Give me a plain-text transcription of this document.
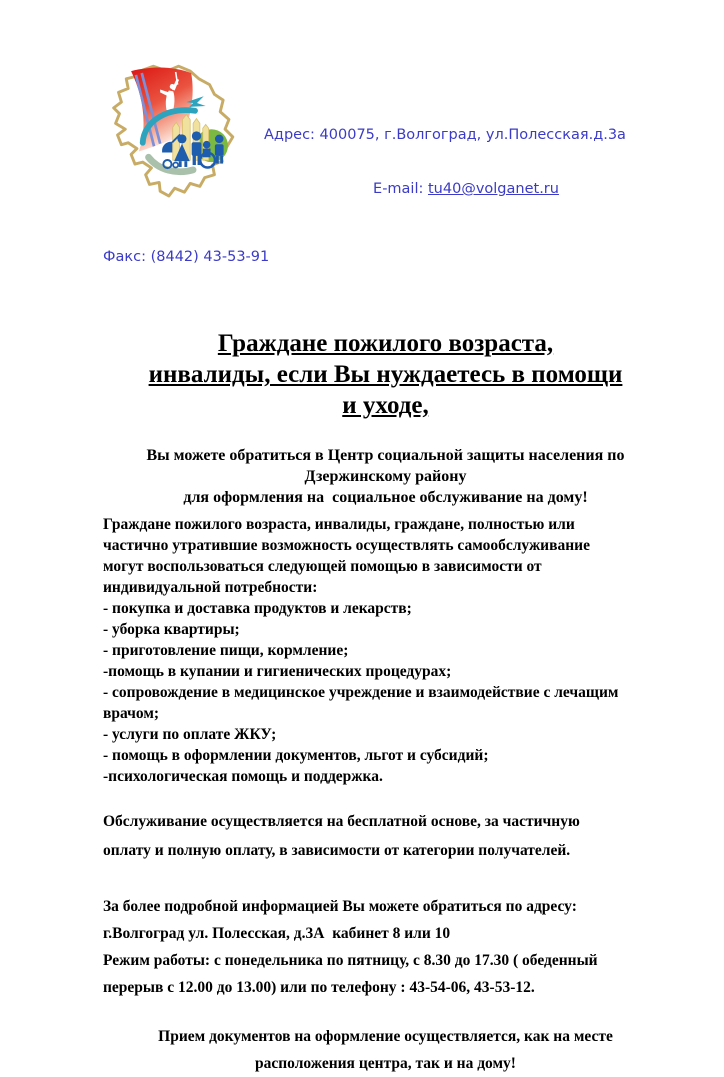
Адрес: 400075, г.Волгоград, ул.Полесская.д.3а

E-mail: tu40@volganet.ru

Факс: (8442) 43-53-91

Граждане пожилого возраста,
инвалиды, если Вы нуждаетесь в помощи
и уходе,
Вы можете обратиться в Центр социальной защиты населения по
Дзержинскому району
для оформления на  социальное обслуживание на дому!
Граждане пожилого возраста, инвалиды, граждане, полностью или
частично утратившие возможность осуществлять самообслуживание
могут воспользоваться следующей помощью в зависимости от
индивидуальной потребности:
- покупка и доставка продуктов и лекарств;
- уборка квартиры;
- приготовление пищи, кормление;
-помощь в купании и гигиенических процедурах;
- сопровождение в медицинское учреждение и взаимодействие с лечащим
врачом;
- услуги по оплате ЖКУ;
- помощь в оформлении документов, льгот и субсидий;
-психологическая помощь и поддержка.
Обслуживание осуществляется на бесплатной основе, за частичную
оплату и полную оплату, в зависимости от категории получателей.
За более подробной информацией Вы можете обратиться по адресу:
г.Волгоград ул. Полесская, д.3А  кабинет 8 или 10
Режим работы: с понедельника по пятницу, с 8.30 до 17.30 ( обеденный
перерыв с 12.00 до 13.00) или по телефону : 43-54-06, 43-53-12.
Прием документов на оформление осуществляется, как на месте
расположения центра, так и на дому!
